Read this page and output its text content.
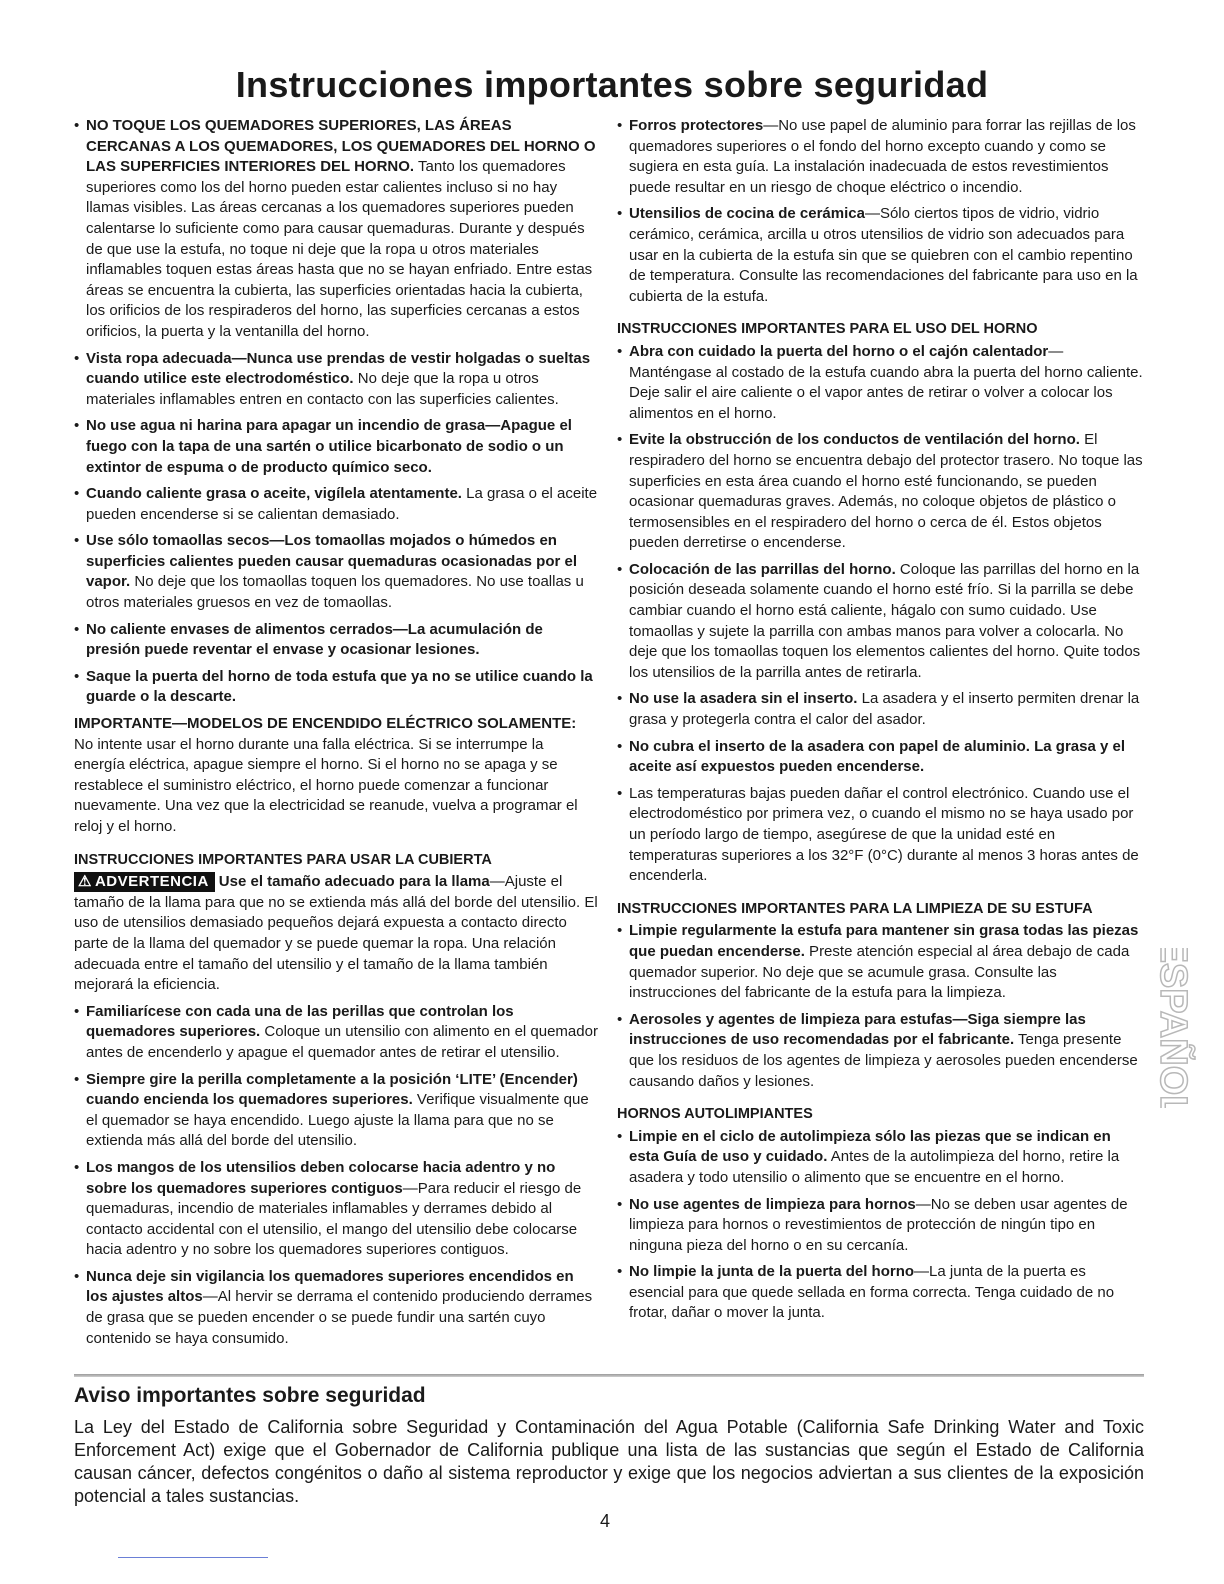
Instrucciones importantes sobre seguridad

• NO TOQUE LOS QUEMADORES SUPERIORES, LAS ÁREAS CERCANAS A LOS QUEMADORES, LOS QUEMADORES DEL HORNO O LAS SUPERFICIES INTERIORES DEL HORNO. Tanto los quemadores superiores como los del horno pueden estar calientes incluso si no hay llamas visibles. Las áreas cercanas a los quemadores superiores pueden calentarse lo suficiente como para causar quemaduras. Durante y después de que use la estufa, no toque ni deje que la ropa u otros materiales inflamables toquen estas áreas hasta que no se hayan enfriado. Entre estas áreas se encuentra la cubierta, las superficies orientadas hacia la cubierta, los orificios de los respiraderos del horno, las superficies cercanas a estos orificios, la puerta y la ventanilla del horno.

• Vista ropa adecuada—Nunca use prendas de vestir holgadas o sueltas cuando utilice este electrodoméstico. No deje que la ropa u otros materiales inflamables entren en contacto con las superficies calientes.

• No use agua ni harina para apagar un incendio de grasa—Apague el fuego con la tapa de una sartén o utilice bicarbonato de sodio o un extintor de espuma o de producto químico seco.

• Cuando caliente grasa o aceite, vigílela atentamente. La grasa o el aceite pueden encenderse si se calientan demasiado.

• Use sólo tomaollas secos—Los tomaollas mojados o húmedos en superficies calientes pueden causar quemaduras ocasionadas por el vapor. No deje que los tomaollas toquen los quemadores. No use toallas u otros materiales gruesos en vez de tomaollas.

• No caliente envases de alimentos cerrados—La acumulación de presión puede reventar el envase y ocasionar lesiones.

• Saque la puerta del horno de toda estufa que ya no se utilice cuando la guarde o la descarte.

IMPORTANTE—MODELOS DE ENCENDIDO ELÉCTRICO SOLAMENTE:
No intente usar el horno durante una falla eléctrica. Si se interrumpe la energía eléctrica, apague siempre el horno. Si el horno no se apaga y se restablece el suministro eléctrico, el horno puede comenzar a funcionar nuevamente. Una vez que la electricidad se reanude, vuelva a programar el reloj y el horno.

INSTRUCCIONES IMPORTANTES PARA USAR LA CUBIERTA

⚠ ADVERTENCIA Use el tamaño adecuado para la llama—Ajuste el tamaño de la llama para que no se extienda más allá del borde del utensilio. El uso de utensilios demasiado pequeños dejará expuesta a contacto directo parte de la llama del quemador y se puede quemar la ropa. Una relación adecuada entre el tamaño del utensilio y el tamaño de la llama también mejorará la eficiencia.

• Familiarícese con cada una de las perillas que controlan los quemadores superiores. Coloque un utensilio con alimento en el quemador antes de encenderlo y apague el quemador antes de retirar el utensilio.

• Siempre gire la perilla completamente a la posición ‘LITE’ (Encender) cuando encienda los quemadores superiores. Verifique visualmente que el quemador se haya encendido. Luego ajuste la llama para que no se extienda más allá del borde del utensilio.

• Los mangos de los utensilios deben colocarse hacia adentro y no sobre los quemadores superiores contiguos—Para reducir el riesgo de quemaduras, incendio de materiales inflamables y derrames debido al contacto accidental con el utensilio, el mango del utensilio debe colocarse hacia adentro y no sobre los quemadores superiores contiguos.

• Nunca deje sin vigilancia los quemadores superiores encendidos en los ajustes altos—Al hervir se derrama el contenido produciendo derrames de grasa que se pueden encender o se puede fundir una sartén cuyo contenido se haya consumido.

• Forros protectores—No use papel de aluminio para forrar las rejillas de los quemadores superiores o el fondo del horno excepto cuando y como se sugiera en esta guía. La instalación inadecuada de estos revestimientos puede resultar en un riesgo de choque eléctrico o incendio.

• Utensilios de cocina de cerámica—Sólo ciertos tipos de vidrio, vidrio cerámico, cerámica, arcilla u otros utensilios de vidrio son adecuados para usar en la cubierta de la estufa sin que se quiebren con el cambio repentino de temperatura. Consulte las recomendaciones del fabricante para uso en la cubierta de la estufa.

INSTRUCCIONES IMPORTANTES PARA EL USO DEL HORNO

• Abra con cuidado la puerta del horno o el cajón calentador—Manténgase al costado de la estufa cuando abra la puerta del horno caliente. Deje salir el aire caliente o el vapor antes de retirar o volver a colocar los alimentos en el horno.

• Evite la obstrucción de los conductos de ventilación del horno. El respiradero del horno se encuentra debajo del protector trasero. No toque las superficies en esta área cuando el horno esté funcionando, se pueden ocasionar quemaduras graves. Además, no coloque objetos de plástico o termosensibles en el respiradero del horno o cerca de él. Estos objetos pueden derretirse o encenderse.

• Colocación de las parrillas del horno. Coloque las parrillas del horno en la posición deseada solamente cuando el horno esté frío. Si la parrilla se debe cambiar cuando el horno está caliente, hágalo con sumo cuidado. Use tomaollas y sujete la parrilla con ambas manos para volver a colocarla. No deje que los tomaollas toquen los elementos calientes del horno. Quite todos los utensilios de la parrilla antes de retirarla.

• No use la asadera sin el inserto. La asadera y el inserto permiten drenar la grasa y protegerla contra el calor del asador.

• No cubra el inserto de la asadera con papel de aluminio. La grasa y el aceite así expuestos pueden encenderse.

• Las temperaturas bajas pueden dañar el control electrónico. Cuando use el electrodoméstico por primera vez, o cuando el mismo no se haya usado por un período largo de tiempo, asegúrese de que la unidad esté en temperaturas superiores a los 32°F (0°C) durante al menos 3 horas antes de encenderla.

INSTRUCCIONES IMPORTANTES PARA LA LIMPIEZA DE SU ESTUFA

• Limpie regularmente la estufa para mantener sin grasa todas las piezas que puedan encenderse. Preste atención especial al área debajo de cada quemador superior. No deje que se acumule grasa. Consulte las instrucciones del fabricante de la estufa para la limpieza.

• Aerosoles y agentes de limpieza para estufas—Siga siempre las instrucciones de uso recomendadas por el fabricante. Tenga presente que los residuos de los agentes de limpieza y aerosoles pueden encenderse causando daños y lesiones.

HORNOS AUTOLIMPIANTES

• Limpie en el ciclo de autolimpieza sólo las piezas que se indican en esta Guía de uso y cuidado. Antes de la autolimpieza del horno, retire la asadera y todo utensilio o alimento que se encuentre en el horno.

• No use agentes de limpieza para hornos—No se deben usar agentes de limpieza para hornos o revestimientos de protección de ningún tipo en ninguna pieza del horno o en su cercanía.

• No limpie la junta de la puerta del horno—La junta de la puerta es esencial para que quede sellada en forma correcta. Tenga cuidado de no frotar, dañar o mover la junta.

ESPAÑOL
Aviso importantes sobre seguridad

La Ley del Estado de California sobre Seguridad y Contaminación del Agua Potable (California Safe Drinking Water and Toxic Enforcement Act) exige que el Gobernador de California publique una lista de las sustancias que según el Estado de California causan cáncer, defectos congénitos o daño al sistema reproductor y exige que los negocios adviertan a sus clientes de la exposición potencial a tales sustancias.

4
